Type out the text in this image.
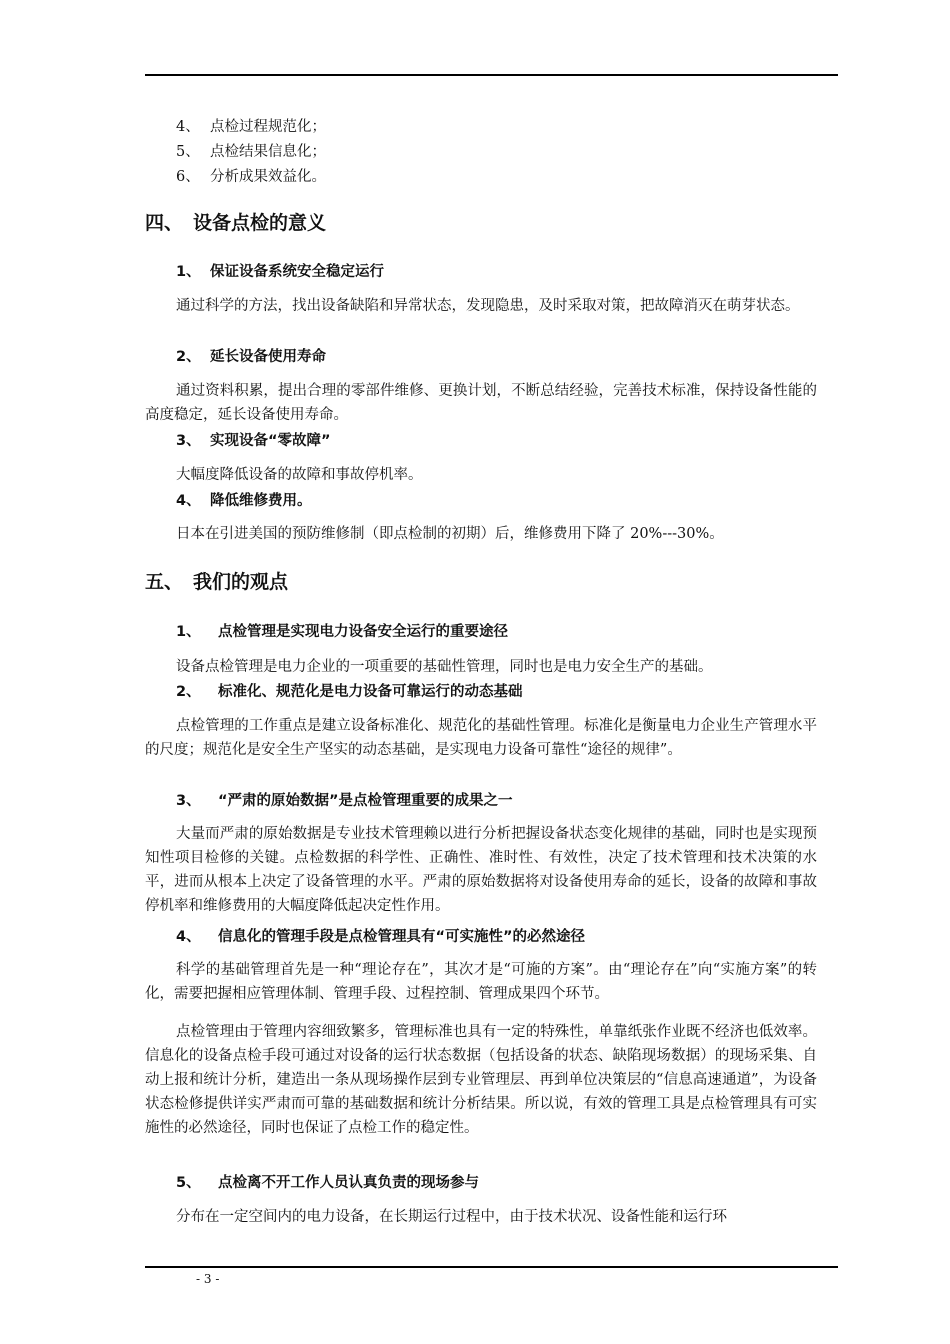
4、 点检过程规范化；
5、 点检结果信息化；
6、 分析成果效益化。
四、 设备点检的意义
1、 保证设备系统安全稳定运行

通过科学的方法，找出设备缺陷和异常状态，发现隐患，及时采取对策，把故障消灭在萌芽状态。

2、 延长设备使用寿命

通过资料积累，提出合理的零部件维修、更换计划，不断总结经验，完善技术标准，保持设备性能的高度稳定，延长设备使用寿命。

3、 实现设备“零故障”

大幅度降低设备的故障和事故停机率。

4、 降低维修费用。

日本在引进美国的预防维修制（即点检制的初期）后，维修费用下降了 20%---30%。

五、 我们的观点
1、 点检管理是实现电力设备安全运行的重要途径

设备点检管理是电力企业的一项重要的基础性管理，同时也是电力安全生产的基础。

2、 标准化、规范化是电力设备可靠运行的动态基础

点检管理的工作重点是建立设备标准化、规范化的基础性管理。标准化是衡量电力企业生产管理水平的尺度；规范化是安全生产坚实的动态基础，是实现电力设备可靠性“途径的规律”。

3、 “严肃的原始数据”是点检管理重要的成果之一

大量而严肃的原始数据是专业技术管理赖以进行分析把握设备状态变化规律的基础，同时也是实现预知性项目检修的关键。点检数据的科学性、正确性、准时性、有效性，决定了技术管理和技术决策的水平，进而从根本上决定了设备管理的水平。严肃的原始数据将对设备使用寿命的延长，设备的故障和事故停机率和维修费用的大幅度降低起决定性作用。

4、 信息化的管理手段是点检管理具有“可实施性”的必然途径

科学的基础管理首先是一种“理论存在”，其次才是“可施的方案”。由“理论存在”向“实施方案”的转化，需要把握相应管理体制、管理手段、过程控制、管理成果四个环节。

点检管理由于管理内容细致繁多，管理标准也具有一定的特殊性，单靠纸张作业既不经济也低效率。信息化的设备点检手段可通过对设备的运行状态数据（包括设备的状态、缺陷现场数据）的现场采集、自动上报和统计分析，建造出一条从现场操作层到专业管理层、再到单位决策层的“信息高速通道”，为设备状态检修提供详实严肃而可靠的基础数据和统计分析结果。所以说，有效的管理工具是点检管理具有可实施性的必然途径，同时也保证了点检工作的稳定性。

5、 点检离不开工作人员认真负责的现场参与

分布在一定空间内的电力设备，在长期运行过程中，由于技术状况、设备性能和运行环

- 3 -
